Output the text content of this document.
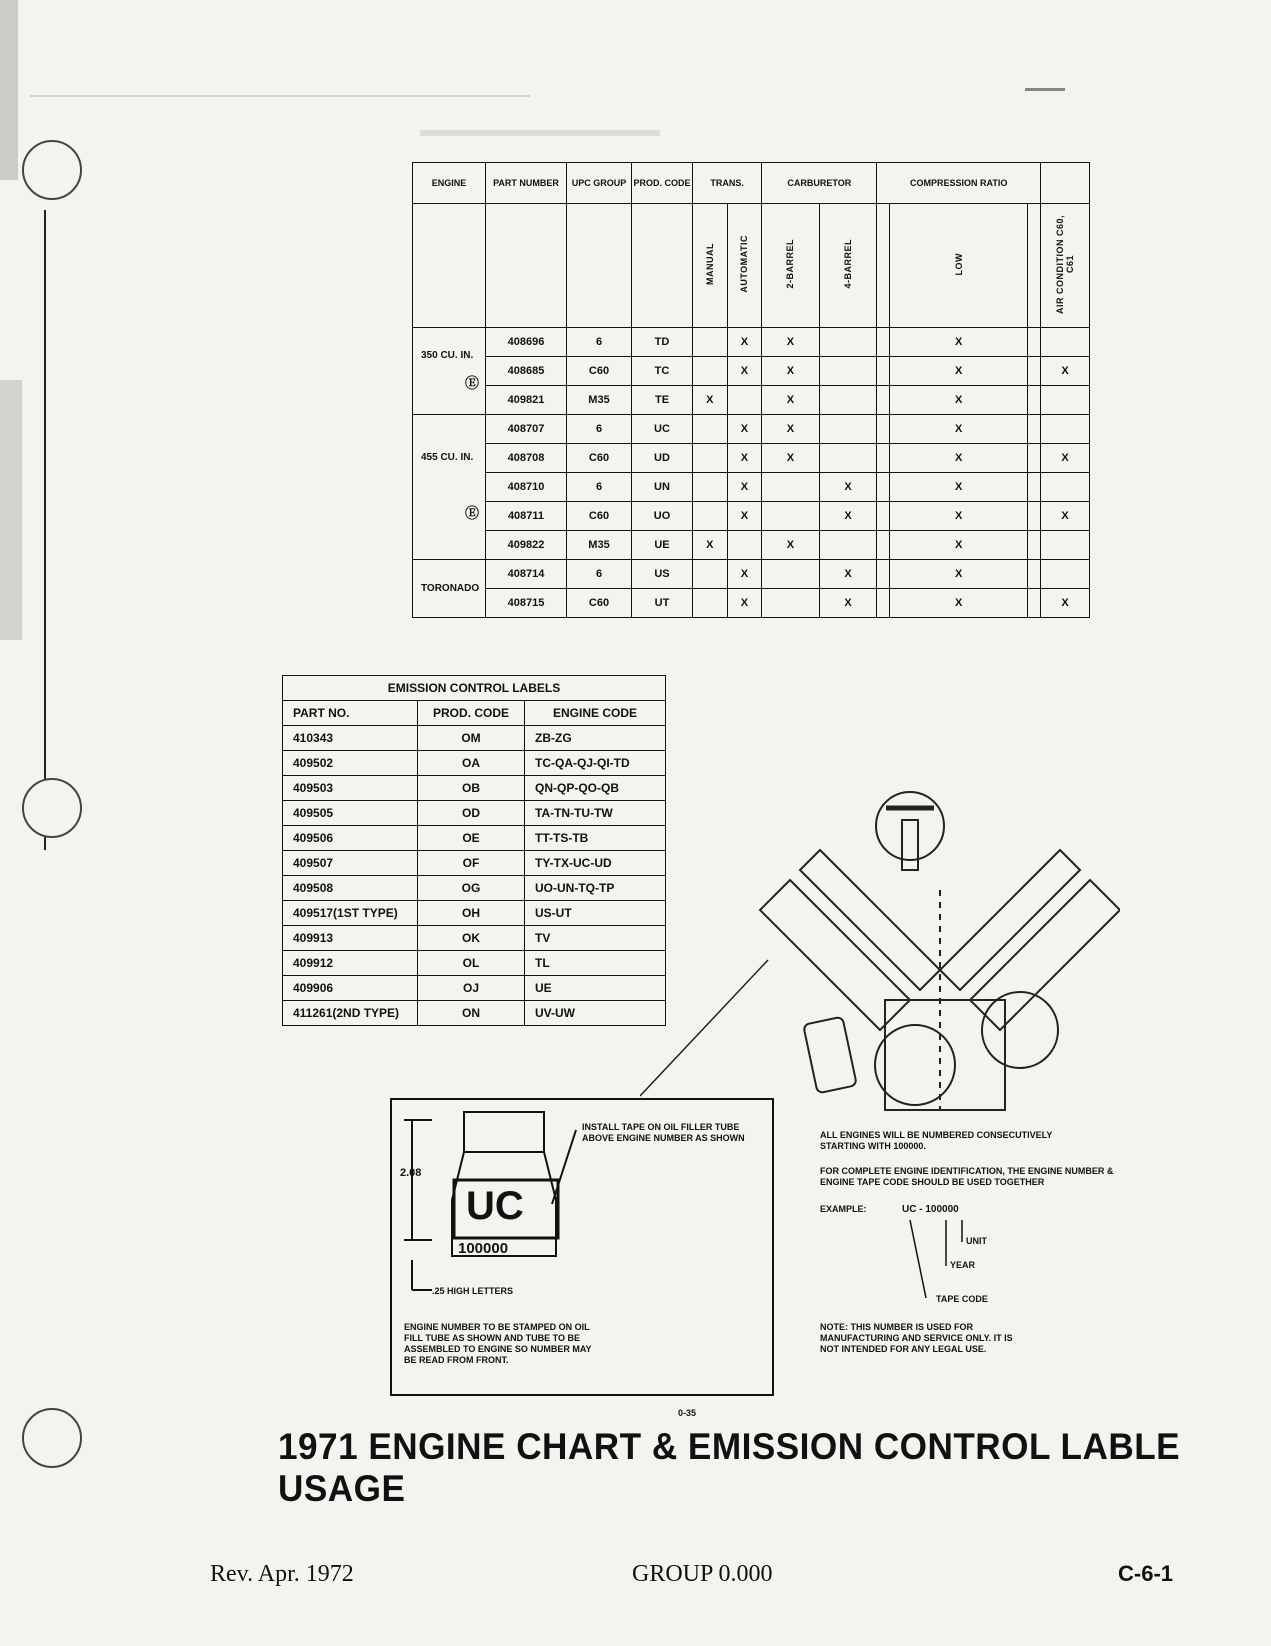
ENGINE	PART NUMBER	UPC GROUP	PROD. CODE	TRANS.		CARBURETOR		COMPRESSION RATIO			
				MANUAL	AUTOMATIC	2-BARREL	4-BARREL		LOW		AIR CONDITION C60, C61
350 CU. IN.
Ⓔ	408696	6	TD		X	X			X		
	408685	C60	TC		X	X			X		X
	409821	M35	TE	X		X			X		
455 CU. IN.
Ⓔ	408707	6	UC		X	X			X		
	408708	C60	UD		X	X			X		X
	408710	6	UN		X		X		X		
	408711	C60	UO		X		X		X		X
	409822	M35	UE	X		X			X		
TORONADO	408714	6	US		X		X		X		
	408715	C60	UT		X		X		X		X
EMISSION CONTROL LABELS		
PART NO.	PROD. CODE	ENGINE CODE
410343	OM	ZB-ZG
409502	OA	TC-QA-QJ-QI-TD
409503	OB	QN-QP-QO-QB
409505	OD	TA-TN-TU-TW
409506	OE	TT-TS-TB
409507	OF	TY-TX-UC-UD
409508	OG	UO-UN-TQ-TP
409517(1ST TYPE)	OH	US-UT
409913	OK	TV
409912	OL	TL
409906	OJ	UE
411261(2ND TYPE)	ON	UV-UW
2.08
UC
100000
.25 HIGH LETTERS
INSTALL TAPE ON OIL FILLER TUBE ABOVE ENGINE NUMBER AS SHOWN
ENGINE NUMBER TO BE STAMPED ON OIL FILL TUBE AS SHOWN AND TUBE TO BE ASSEMBLED TO ENGINE SO NUMBER MAY BE READ FROM FRONT.
0-35
ALL ENGINES WILL BE NUMBERED CONSECUTIVELY STARTING WITH 100000.
FOR COMPLETE ENGINE IDENTIFICATION, THE ENGINE NUMBER & ENGINE TAPE CODE SHOULD BE USED TOGETHER
EXAMPLE:	UC - 100000
UNIT
YEAR
TAPE CODE
NOTE: THIS NUMBER IS USED FOR MANUFACTURING AND SERVICE ONLY. IT IS NOT INTENDED FOR ANY LEGAL USE.
1971 ENGINE CHART & EMISSION CONTROL LABLE USAGE
Rev. Apr. 1972	GROUP 0.000	C-6-1
